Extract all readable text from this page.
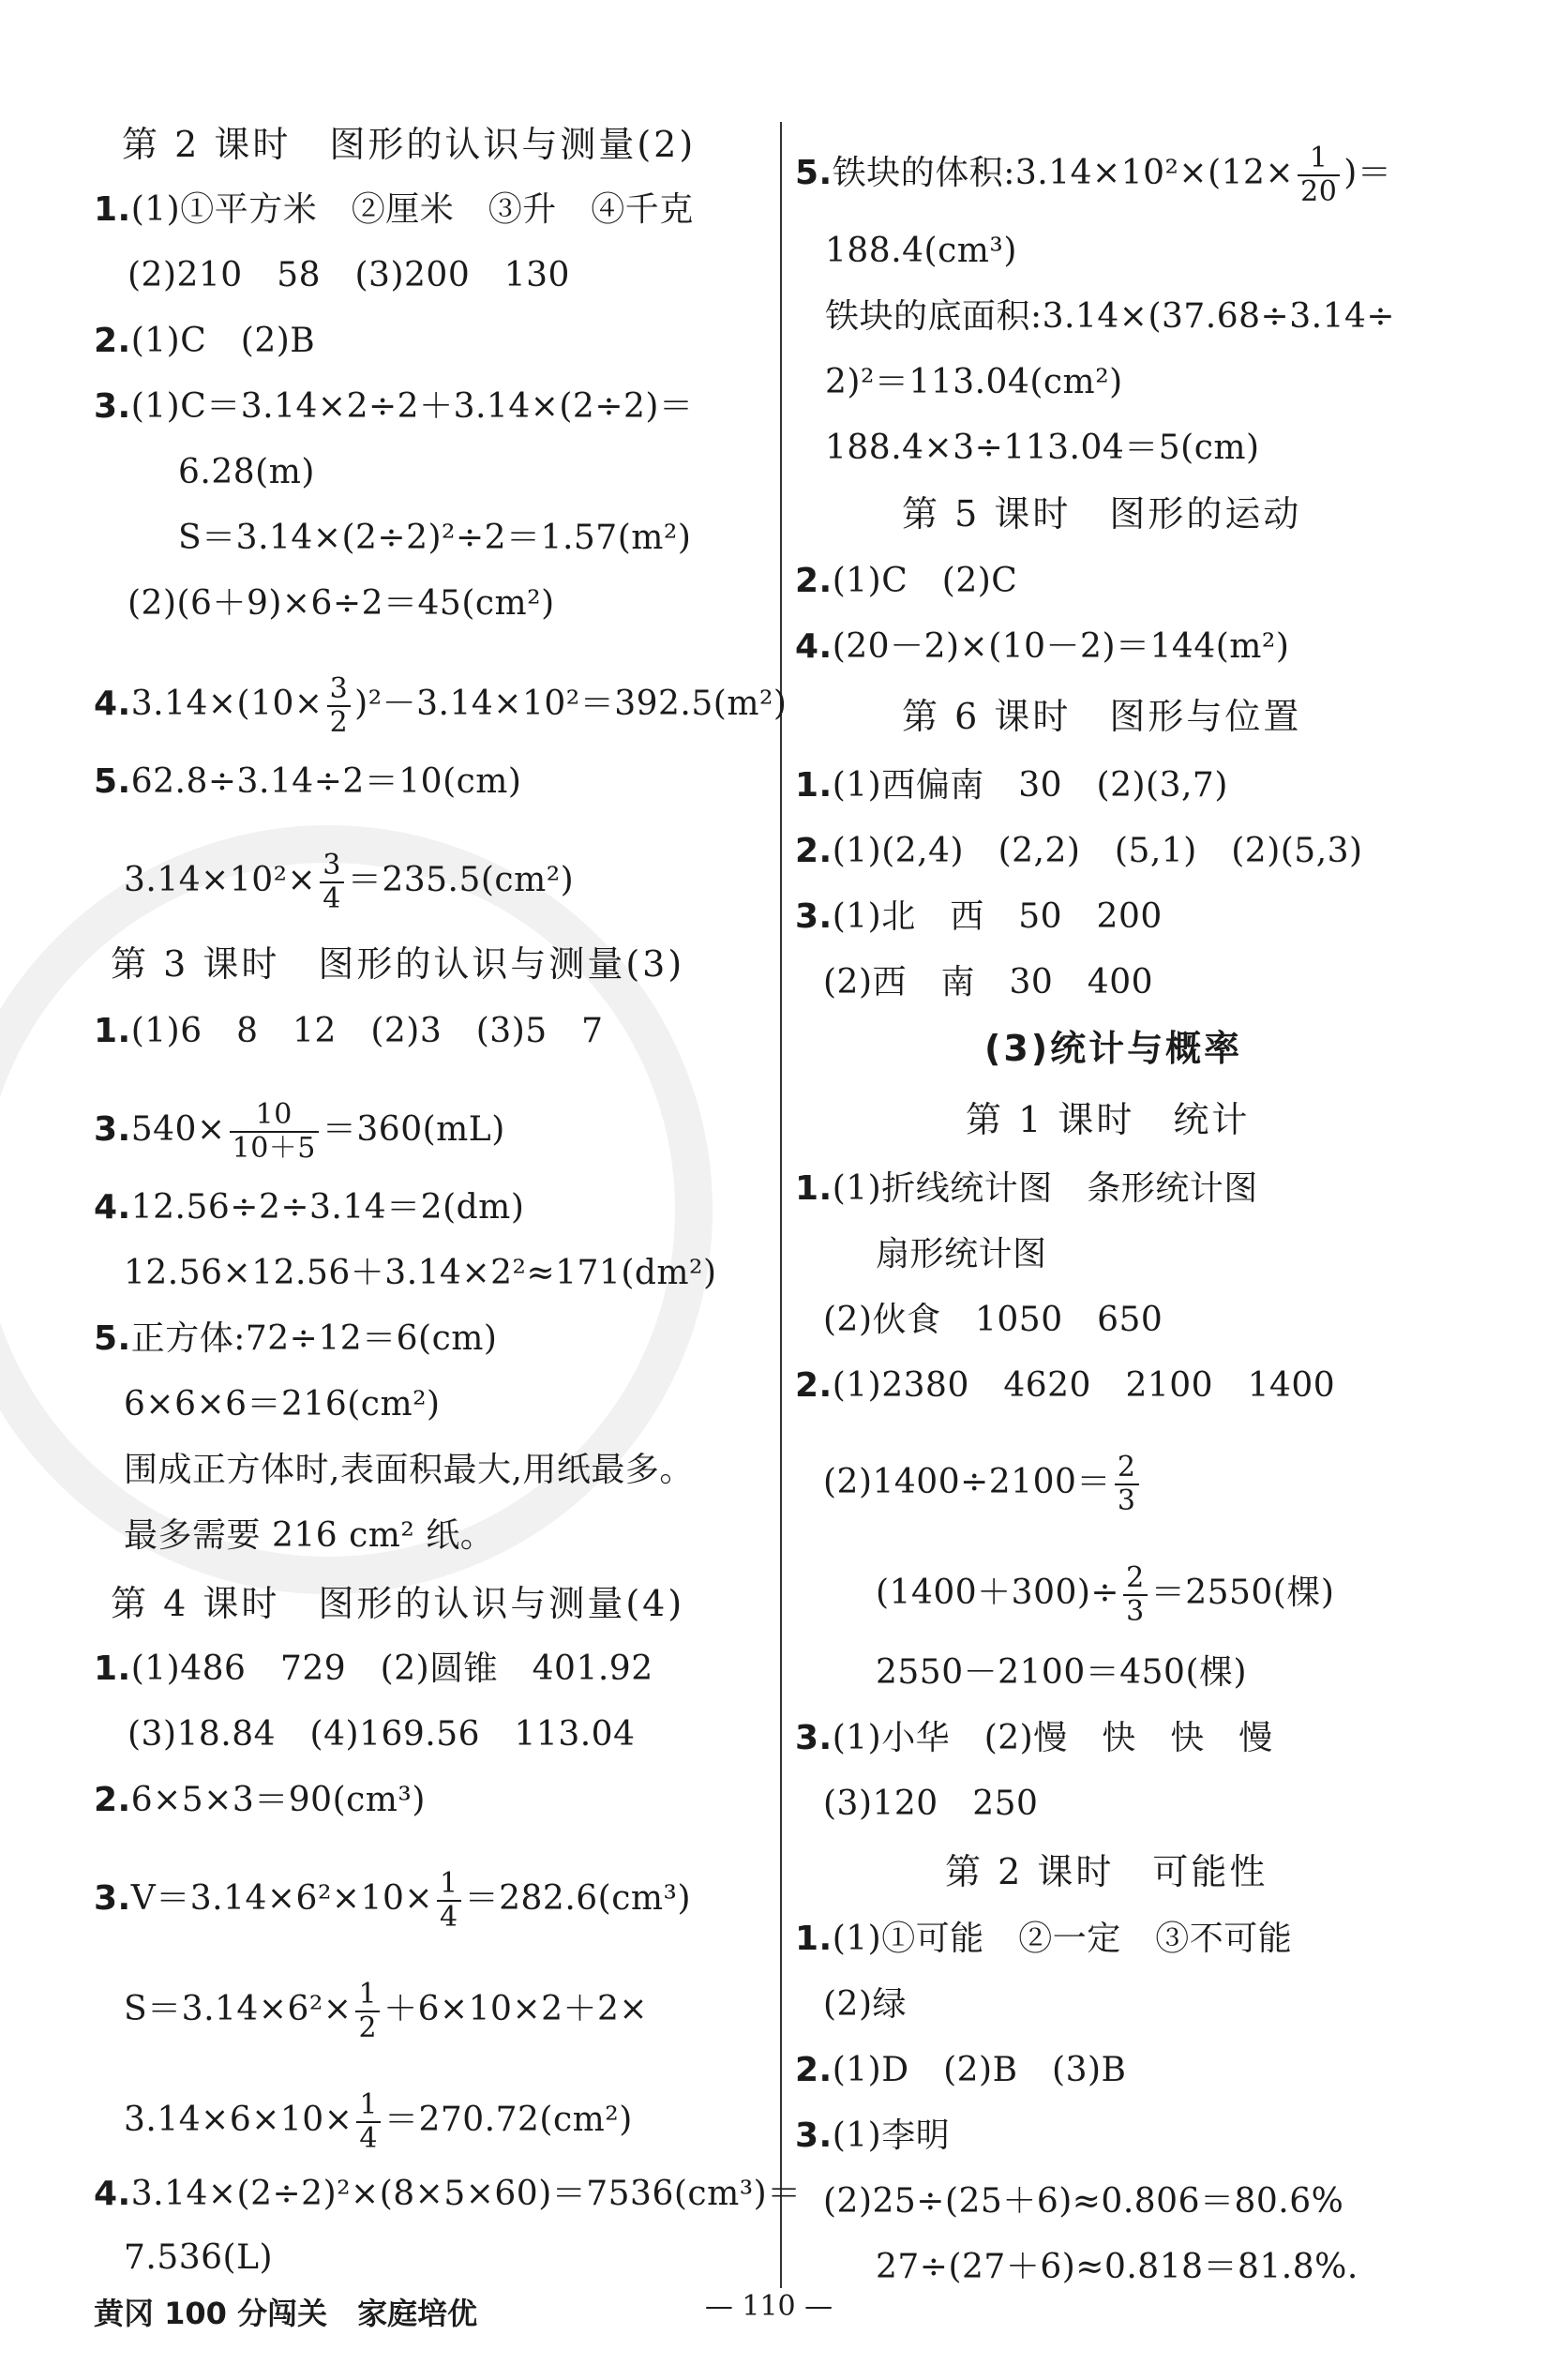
第 2 课时　图形的认识与测量(2)
1.(1)①平方米　②厘米　③升　④千克
(2)210　58　(3)200　130
2.(1)C　(2)B
3.(1)C＝3.14×2÷2＋3.14×(2÷2)＝
6.28(m)
S＝3.14×(2÷2)²÷2＝1.57(m²)
(2)(6＋9)×6÷2＝45(cm²)
$4.3.14\times(10\times \frac{3}{2} )^2-3.14\times 10^2=392.5(m^2)$
5.62.8÷3.14÷2＝10(cm)
$3.14\times 10^2\times \frac{3}{4} =235.5(cm^2)$
第 3 课时　图形的认识与测量(3)
1.(1)6　8　12　(2)3　(3)5　7
$3.540\times \frac{10}{10+5} =360(mL)$
4.12.56÷2÷3.14＝2(dm)
12.56×12.56＋3.14×2²≈171(dm²)
5.正方体:72÷12＝6(cm)
6×6×6＝216(cm²)
围成正方体时,表面积最大,用纸最多。
最多需要 216 cm² 纸。
第 4 课时　图形的认识与测量(4)
1.(1)486　729　(2)圆锥　401.92
(3)18.84　(4)169.56　113.04
2.6×5×3＝90(cm³)
$3.V=3.14\times 6^2\times 10\times \frac{1}{4} =282.6(cm^3)$
$S=3.14\times 6^2\times \frac{1}{2} +6\times 10\times 2+2\times$
$3.14\times 6\times 10\times \frac{1}{4} =270.72(cm^2)$
4.3.14×(2÷2)²×(8×5×60)＝7536(cm³)＝
7.536(L)
5.铁块的体积:3.14×10²×(12× $\frac{1}{20}$ )＝
188.4(cm³)
铁块的底面积:3.14×(37.68÷3.14÷
2)²＝113.04(cm²)
188.4×3÷113.04＝5(cm)
第 5 课时　图形的运动
2.(1)C　(2)C
4.(20－2)×(10－2)＝144(m²)
第 6 课时　图形与位置
1.(1)西偏南　30　(2)(3,7)
2.(1)(2,4)　(2,2)　(5,1)　(2)(5,3)
3.(1)北　西　50　200
(2)西　南　30　400
(3)统计与概率
第 1 课时　统计
1.(1)折线统计图　条形统计图
扇形统计图
(2)伙食　1050　650
2.(1)2380　4620　2100　1400
$(2)1400\div 2100= \frac{2}{3}$
$(1400+300)\div \frac{2}{3} =2550$(棵)
2550－2100＝450(棵)
3.(1)小华　(2)慢　快　快　慢
(3)120　250
第 2 课时　可能性
1.(1)①可能　②一定　③不可能
(2)绿
2.(1)D　(2)B　(3)B
3.(1)李明
(2)25÷(25＋6)≈0.806＝80.6%
27÷(27＋6)≈0.818＝81.8%.
黄冈 100 分闯关　家庭培优	— 110 —
